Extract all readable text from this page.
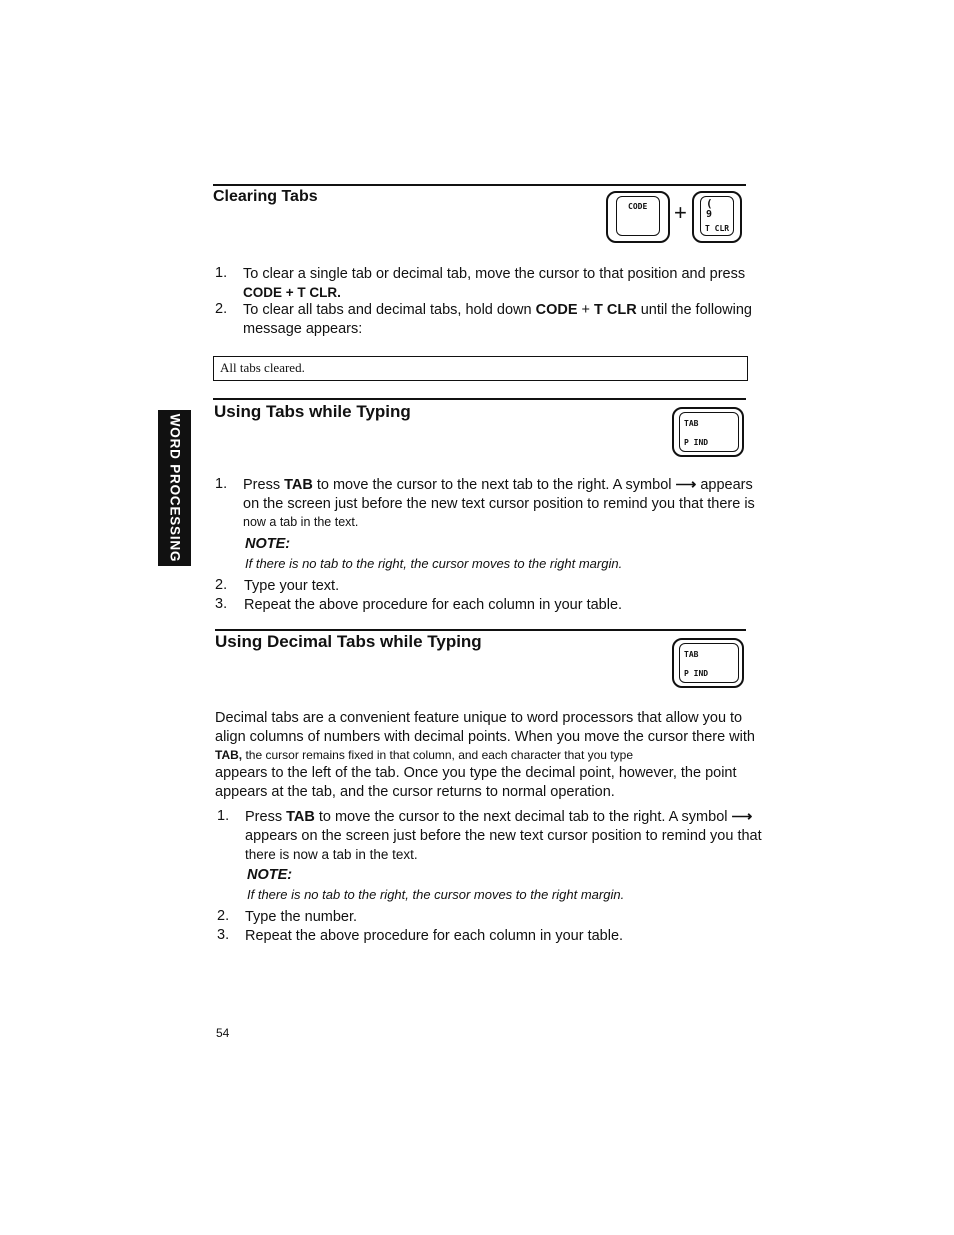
WORD PROCESSING
Clearing Tabs
CODE + (
9
T CLR
1. To clear a single tab or decimal tab, move the cursor to that position and press
CODE + T CLR.
2. To clear all tabs and decimal tabs, hold down CODE + T CLR until the following
message appears:
All tabs cleared.
Using Tabs while Typing
TAB
P IND
1. Press TAB to move the cursor to the next tab to the right. A symbol ⟶ appears
on the screen just before the new text cursor position to remind you that there is
now a tab in the text.
NOTE:
If there is no tab to the right, the cursor moves to the right margin.
2. Type your text.
3. Repeat the above procedure for each column in your table.
Using Decimal Tabs while Typing
TAB
P IND
Decimal tabs are a convenient feature unique to word processors that allow you to
align columns of numbers with decimal points. When you move the cursor there with
TAB, the cursor remains fixed in that column, and each character that you type
appears to the left of the tab. Once you type the decimal point, however, the point
appears at the tab, and the cursor returns to normal operation.
1. Press TAB to move the cursor to the next decimal tab to the right. A symbol ⟶
appears on the screen just before the new text cursor position to remind you that
there is now a tab in the text.
NOTE:
If there is no tab to the right, the cursor moves to the right margin.
2. Type the number.
3. Repeat the above procedure for each column in your table.
54
